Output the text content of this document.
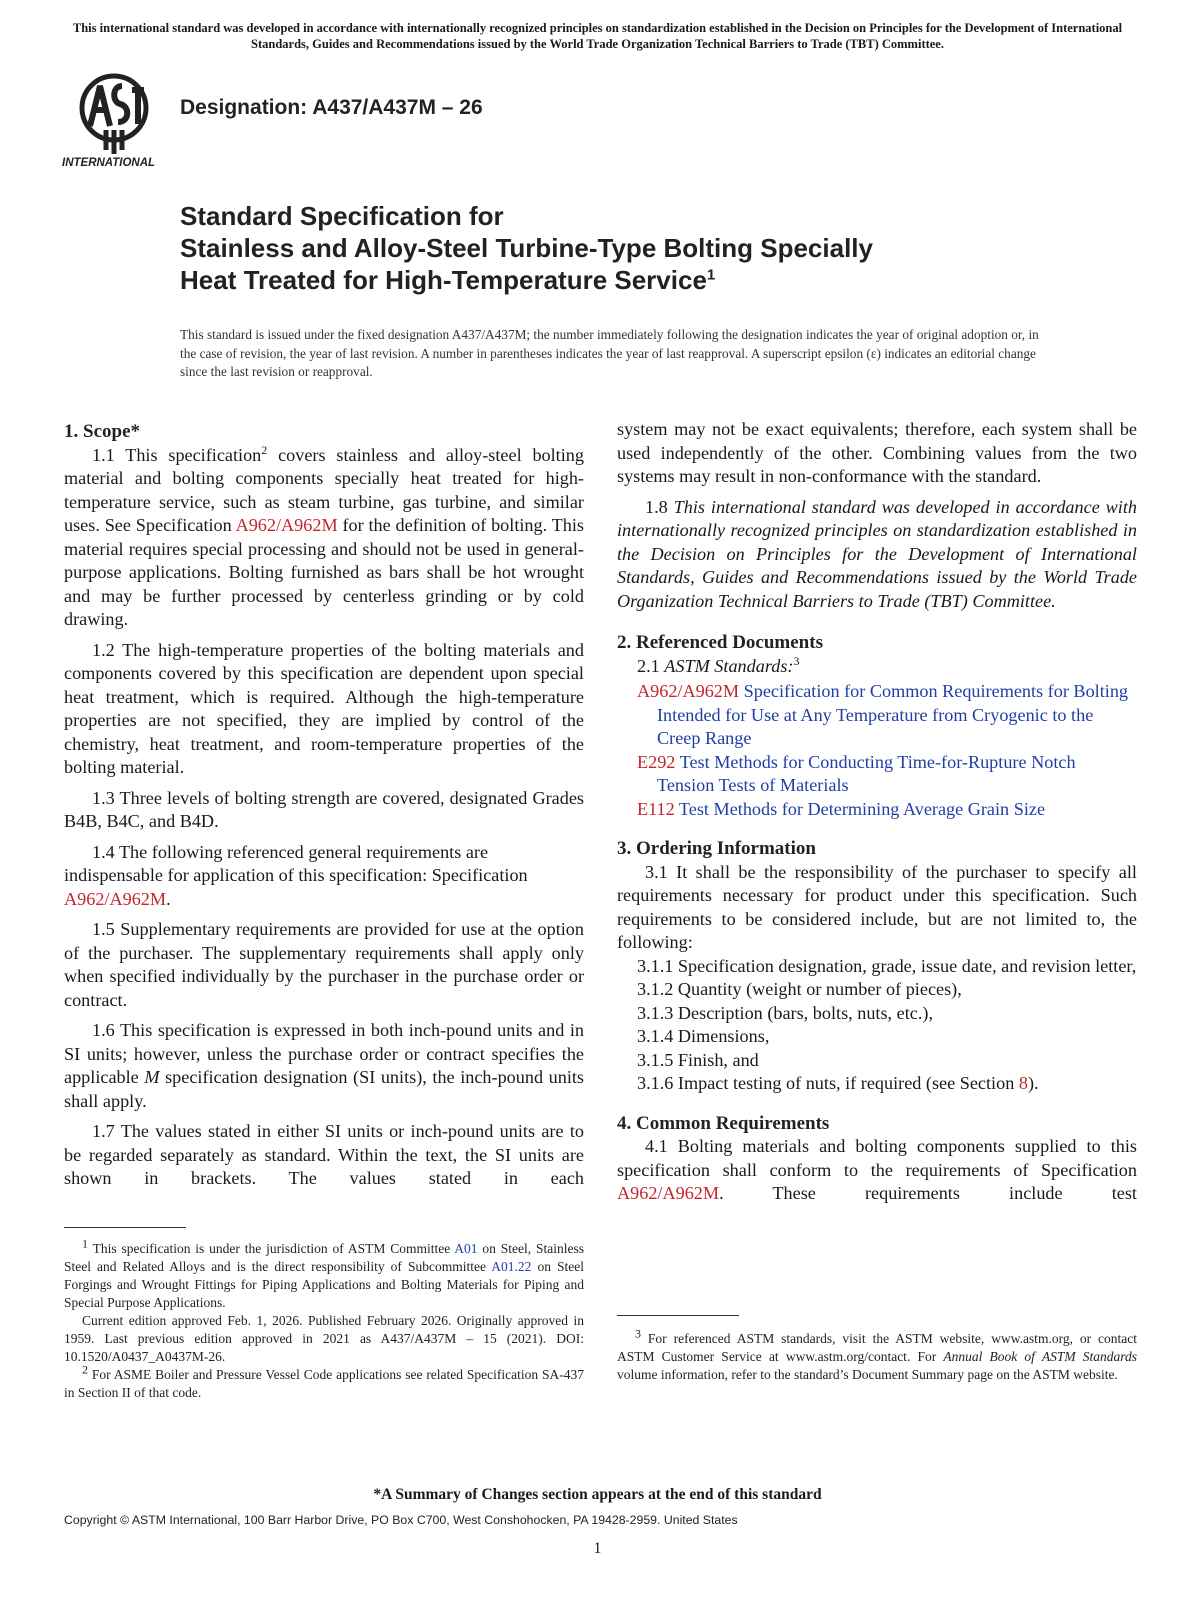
This international standard was developed in accordance with internationally recognized principles on standardization established in the Decision on Principles for the Development of International Standards, Guides and Recommendations issued by the World Trade Organization Technical Barriers to Trade (TBT) Committee.
INTERNATIONAL
Designation: A437/A437M – 26
Standard Specification for
Stainless and Alloy-Steel Turbine-Type Bolting Specially
Heat Treated for High-Temperature Service$^1$
This standard is issued under the fixed designation A437/A437M; the number immediately following the designation indicates the year of original adoption or, in the case of revision, the year of last revision. A number in parentheses indicates the year of last reapproval. A superscript epsilon (ε) indicates an editorial change since the last revision or reapproval.

1. Scope*

1.1 This specification$^2$ covers stainless and alloy-steel bolting material and bolting components specially heat treated for high-temperature service, such as steam turbine, gas turbine, and similar uses. See Specification A962/A962M for the definition of bolting. This material requires special processing and should not be used in general-purpose applications. Bolting furnished as bars shall be hot wrought and may be further processed by centerless grinding or by cold drawing.

1.2 The high-temperature properties of the bolting materials and components covered by this specification are dependent upon special heat treatment, which is required. Although the high-temperature properties are not specified, they are implied by control of the chemistry, heat treatment, and room-temperature properties of the bolting material.

1.3 Three levels of bolting strength are covered, designated Grades B4B, B4C, and B4D.

1.4 The following referenced general requirements are indispensable for application of this specification: Specification A962/A962M.

1.5 Supplementary requirements are provided for use at the option of the purchaser. The supplementary requirements shall apply only when specified individually by the purchaser in the purchase order or contract.

1.6 This specification is expressed in both inch-pound units and in SI units; however, unless the purchase order or contract specifies the applicable M specification designation (SI units), the inch-pound units shall apply.

1.7 The values stated in either SI units or inch-pound units are to be regarded separately as standard. Within the text, the SI units are shown in brackets. The values stated in each

$^1$ This specification is under the jurisdiction of ASTM Committee A01 on Steel, Stainless Steel and Related Alloys and is the direct responsibility of Subcommittee A01.22 on Steel Forgings and Wrought Fittings for Piping Applications and Bolting Materials for Piping and Special Purpose Applications.

Current edition approved Feb. 1, 2026. Published February 2026. Originally approved in 1959. Last previous edition approved in 2021 as A437/A437M – 15 (2021). DOI: 10.1520/A0437_A0437M-26.

$^2$ For ASME Boiler and Pressure Vessel Code applications see related Specification SA-437 in Section II of that code.

system may not be exact equivalents; therefore, each system shall be used independently of the other. Combining values from the two systems may result in non-conformance with the standard.

1.8 This international standard was developed in accordance with internationally recognized principles on standardization established in the Decision on Principles for the Development of International Standards, Guides and Recommendations issued by the World Trade Organization Technical Barriers to Trade (TBT) Committee.

2. Referenced Documents

2.1 ASTM Standards:$^3$

A962/A962M Specification for Common Requirements for Bolting Intended for Use at Any Temperature from Cryogenic to the Creep Range

E292 Test Methods for Conducting Time-for-Rupture Notch Tension Tests of Materials

E112 Test Methods for Determining Average Grain Size

3. Ordering Information

3.1 It shall be the responsibility of the purchaser to specify all requirements necessary for product under this specification. Such requirements to be considered include, but are not limited to, the following:

3.1.1 Specification designation, grade, issue date, and revision letter,

3.1.2 Quantity (weight or number of pieces),

3.1.3 Description (bars, bolts, nuts, etc.),

3.1.4 Dimensions,

3.1.5 Finish, and

3.1.6 Impact testing of nuts, if required (see Section 8).

4. Common Requirements

4.1 Bolting materials and bolting components supplied to this specification shall conform to the requirements of Specification A962/A962M. These requirements include test

$^3$ For referenced ASTM standards, visit the ASTM website, www.astm.org, or contact ASTM Customer Service at www.astm.org/contact. For Annual Book of ASTM Standards volume information, refer to the standard’s Document Summary page on the ASTM website.

*A Summary of Changes section appears at the end of this standard
Copyright © ASTM International, 100 Barr Harbor Drive, PO Box C700, West Conshohocken, PA 19428-2959. United States
1
